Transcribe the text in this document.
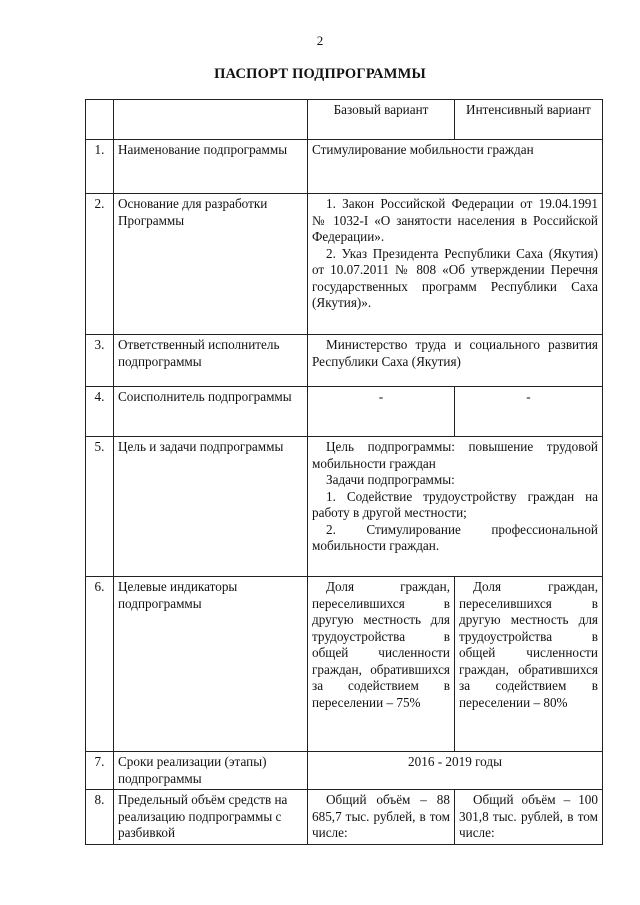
2
ПАСПОРТ ПОДПРОГРАММЫ
		Базовый вариант	Интенсивный вариант
1.	Наименование подпрограммы	Стимулирование мобильности граждан	
2.	Основание для разработки Программы	1. Закон Российской Федерации от 19.04.1991 № 1032-I «О занятости населения в Российской Федерации».
2. Указ Президента Республики Саха (Якутия) от 10.07.2011 № 808 «Об утверждении Перечня государственных программ Республики Саха (Якутия)».	

3.	Ответственный исполнитель подпрограммы	Министерство труда и социального развития Республики Саха (Якутия)	

4.	Соисполнитель подпрограммы	-	-
5.	Цель и задачи подпрограммы	Цель подпрограммы: повышение трудовой мобильности граждан
Задачи подпрограммы:
1. Содействие трудоустройству граждан на работу в другой местности;
2. Стимулирование профессиональной мобильности граждан.	

6.	Целевые индикаторы подпрограммы	Доля граждан, переселившихся в другую местность для трудоустройства в общей численности граждан, обратившихся за содействием в переселении – 75%	Доля граждан, переселившихся в другую местность для трудоустройства в общей численности граждан, обратившихся за содействием в переселении – 80%

7.	Сроки реализации (этапы) подпрограммы	2016 - 2019 годы	
8.	Предельный объём средств на реализацию подпрограммы с разбивкой	Общий объём – 88 685,7 тыс. рублей, в том числе:	Общий объём – 100 301,8 тыс. рублей, в том числе:
